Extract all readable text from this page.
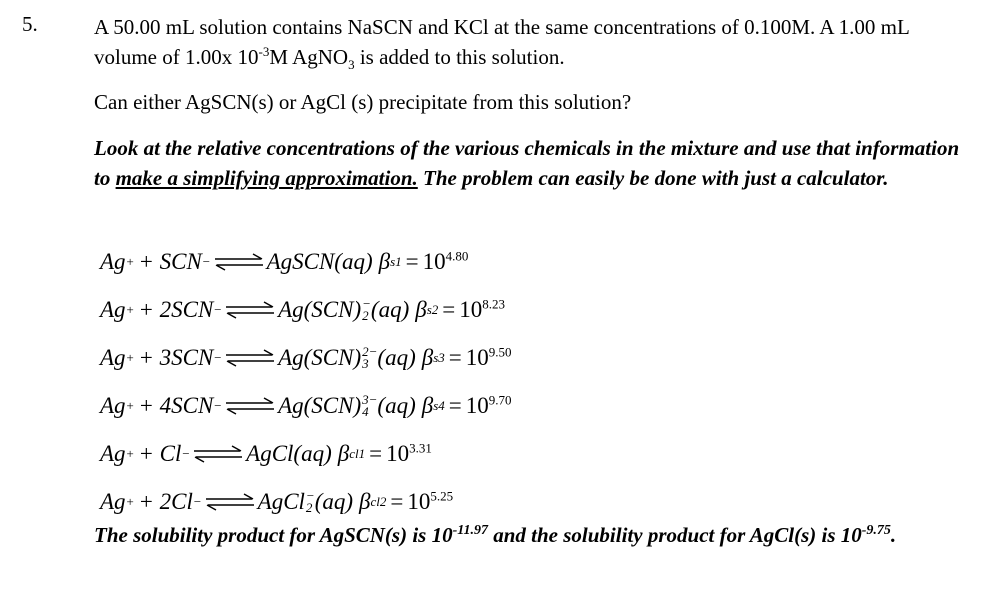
5.	A 50.00 mL solution contains NaSCN and KCl at the same concentrations of 0.100M. A 1.00 mL volume of 1.00x $10^{-3}M$ AgNO$_3$ is added to this solution.
Can either AgSCN(s) or AgCl (s) precipitate from this solution?
Look at the relative concentrations of the various chemicals in the mixture and use that information to make a simplifying approximation. The problem can easily be done with just a calculator.
Ag + + SCN − ⇌ AgSCN(aq) β $s1 = 10^{4.80}$
Ag + + 2SCN − ⇌ Ag(SCN) −
2 (aq) β $s2 = 10^{8.23}$
Ag + + 3SCN − ⇌ Ag(SCN) 2−
3 (aq) β $s3 = 10^{9.50}$
Ag + + 4SCN − ⇌ Ag(SCN) 3−
4 (aq) β $s4 = 10^{9.70}$
Ag + + Cl − ⇌ AgCl(aq) β $cl1 = 10^{3.31}$
Ag + + 2Cl − ⇌ AgCl −
2 (aq) β $cl2 = 10^{5.25}$
The solubility product for AgSCN(s) is $10^{-11.97}$ and the solubility product for AgCl(s) is $10^{-9.75}$.
